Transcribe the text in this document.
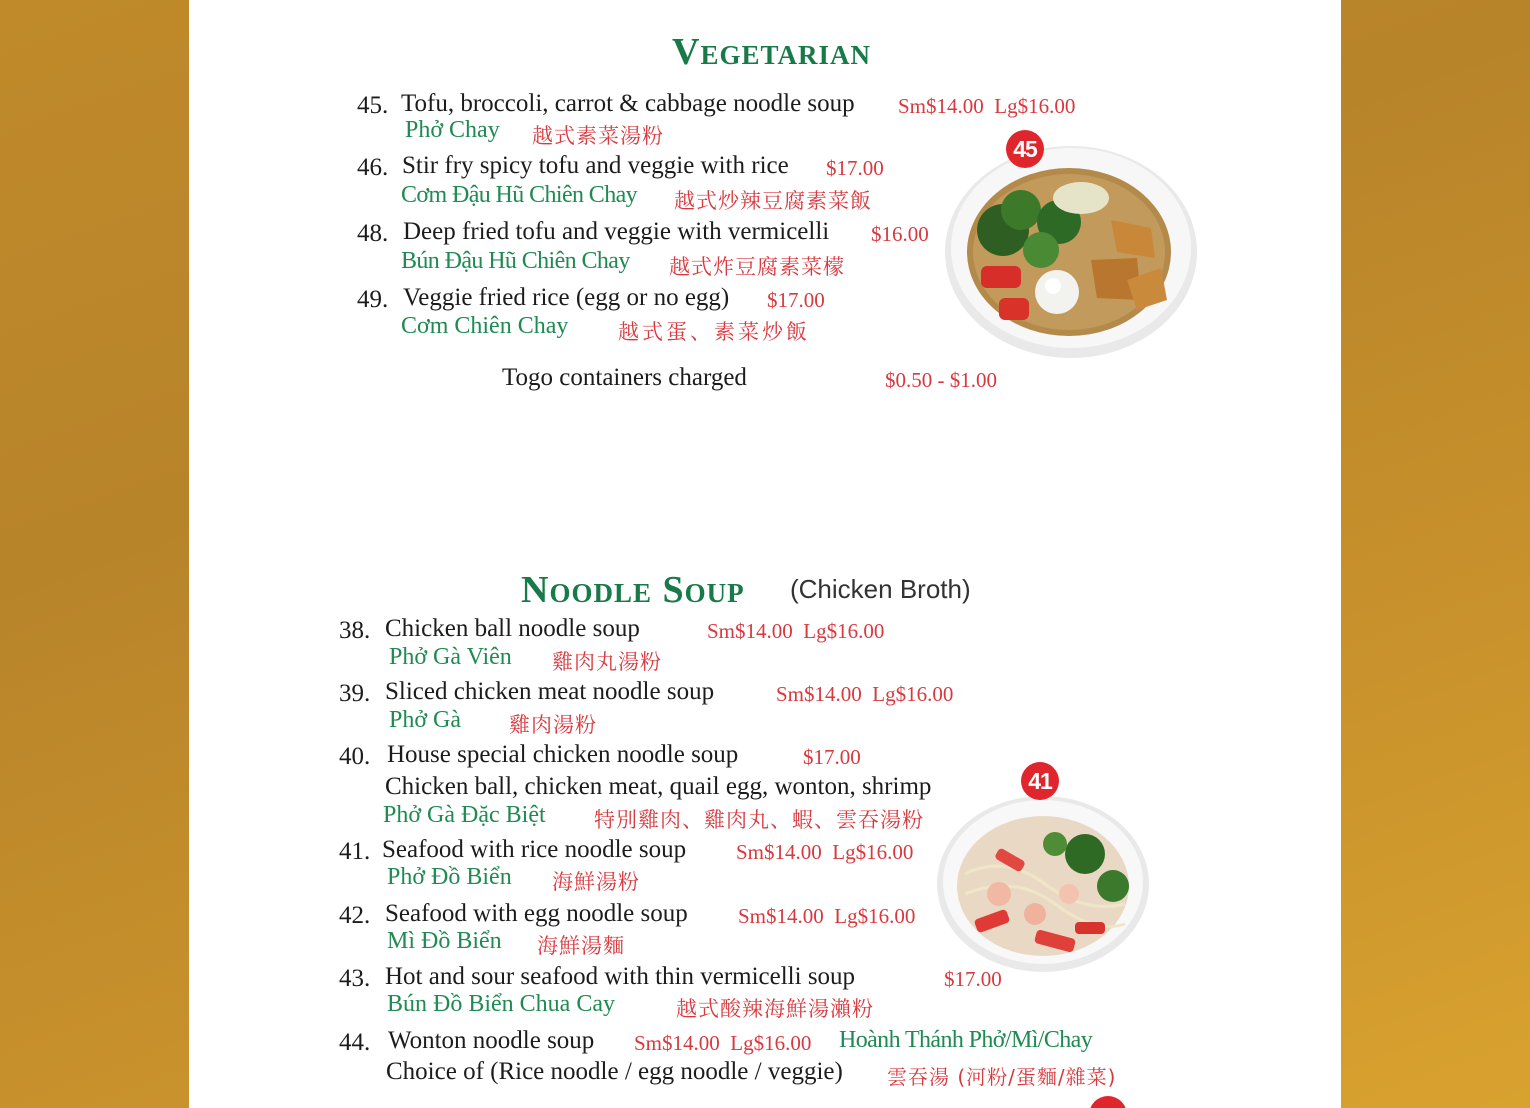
Vegetarian
45. Tofu, broccoli, carrot & cabbage noodle soup Sm$14.00  Lg$16.00
Phở Chay 越式素菜湯粉
46. Stir fry spicy tofu and veggie with rice $17.00
Cơm Đậu Hũ Chiên Chay 越式炒辣豆腐素菜飯
48. Deep fried tofu and veggie with vermicelli $16.00
Bún Đậu Hũ Chiên Chay 越式炸豆腐素菜檬
49. Veggie fried rice (egg or no egg) $17.00
Cơm Chiên Chay 越式蛋、素菜炒飯
Togo containers charged	$0.50 - $1.00
45
Noodle Soup (Chicken Broth)
38. Chicken ball noodle soup	Sm$14.00  Lg$16.00
Phở Gà Viên 雞肉丸湯粉
39. Sliced chicken meat noodle soup	Sm$14.00  Lg$16.00
Phở Gà 雞肉湯粉
40. House special chicken noodle soup	$17.00
Chicken ball, chicken meat, quail egg, wonton, shrimp
Phở Gà Đặc Biệt 特別雞肉、雞肉丸、蝦、雲吞湯粉
41. Seafood with rice noodle soup Sm$14.00  Lg$16.00
Phở Đồ Biển 海鮮湯粉
42. Seafood with egg noodle soup Sm$14.00  Lg$16.00
Mì Đồ Biển 海鮮湯麵
43. Hot and sour seafood with thin vermicelli soup	$17.00
Bún Đồ Biển Chua Cay	越式酸辣海鮮湯瀨粉
44. Wonton noodle soup Sm$14.00  Lg$16.00 Hoành Thánh Phở/Mì/Chay
Choice of (Rice noodle / egg noodle / veggie) 雲吞湯 (河粉/蛋麵/雜菜)
41
